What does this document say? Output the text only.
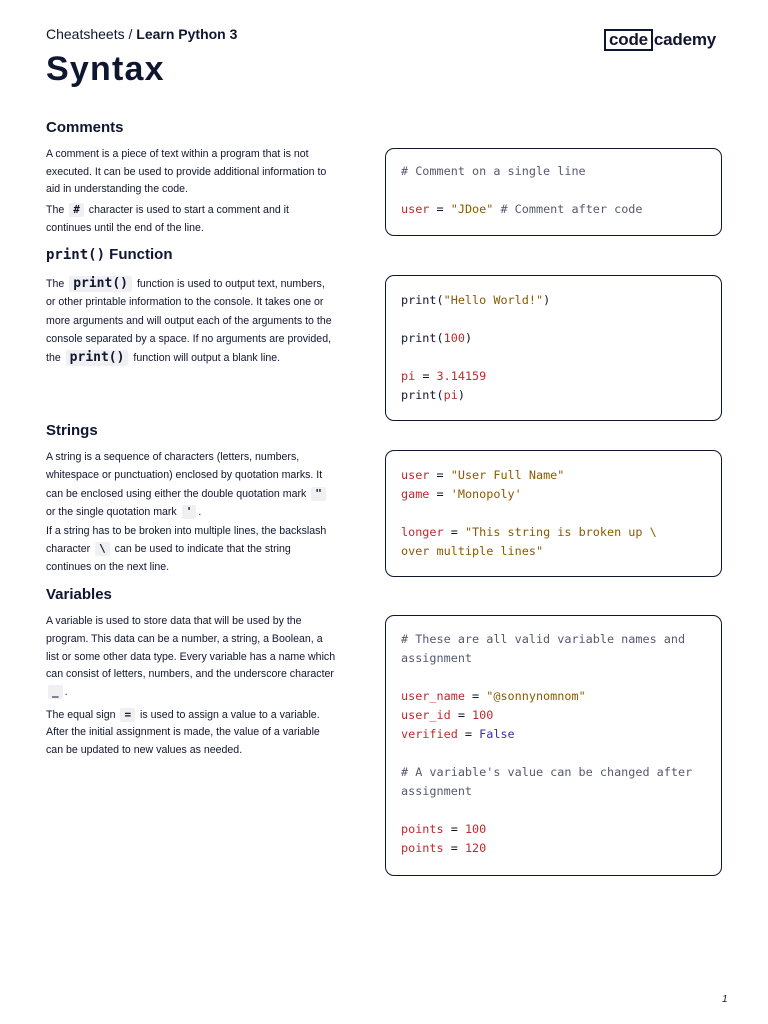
Cheatsheets / Learn Python 3	code cademy
Syntax
Comments
A comment is a piece of text within a program that is not executed. It can be used to provide additional information to aid in understanding the code.
The # character is used to start a comment and it continues until the end of the line.
# Comment on a single line
user = "JDoe" # Comment after code
print() Function
The print() function is used to output text, numbers, or other printable information to the console. It takes one or more arguments and will output each of the arguments to the console separated by a space. If no arguments are provided, the print() function will output a blank line.
print("Hello World!")
print(100)
pi = 3.14159
print(pi)
Strings
A string is a sequence of characters (letters, numbers, whitespace or punctuation) enclosed by quotation marks. It can be enclosed using either the double quotation mark " or the single quotation mark ' .
If a string has to be broken into multiple lines, the backslash character \ can be used to indicate that the string continues on the next line.
user = "User Full Name"
game = 'Monopoly'
longer = "This string is broken up \
over multiple lines"
Variables
A variable is used to store data that will be used by the program. This data can be a number, a string, a Boolean, a list or some other data type. Every variable has a name which can consist of letters, numbers, and the underscore character _ .
The equal sign = is used to assign a value to a variable. After the initial assignment is made, the value of a variable can be updated to new values as needed.
# These are all valid variable names and assignment
user_name = "@sonnynomnom"
user_id = 100
verified = False
# A variable's value can be changed after assignment
points = 100
points = 120
1
